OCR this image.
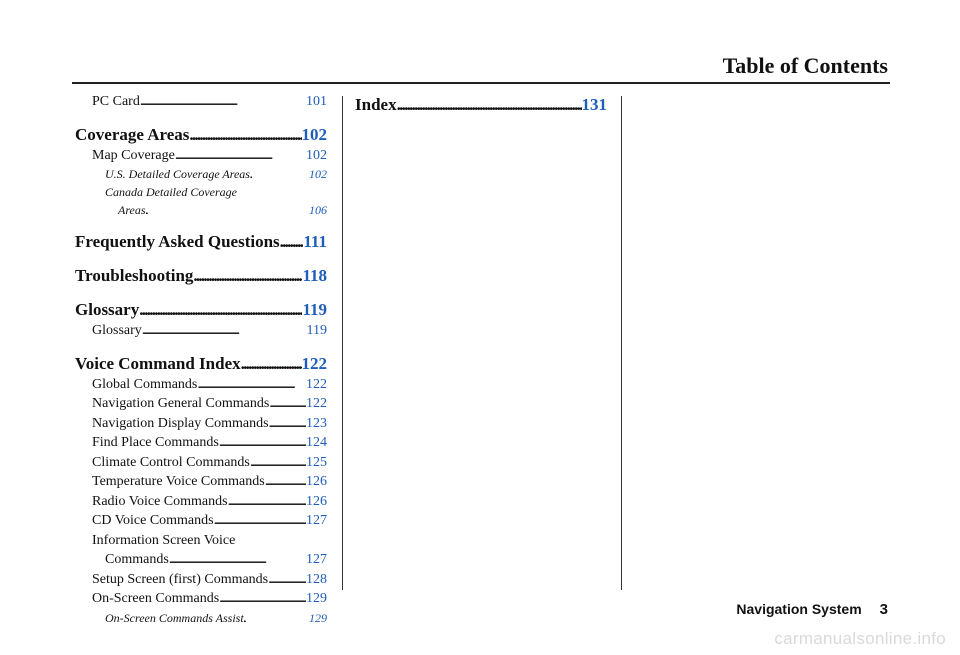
Table of Contents
PC Card . . .	101
Coverage Areas . . .	102
Map Coverage . . .	102
U.S. Detailed Coverage Areas . . .	102
Canada Detailed Coverage
Areas . . .	106
Frequently Asked Questions . . . 111
Troubleshooting . . .	118
Glossary . . .	119
Glossary . . .	119
Voice Command Index . . .	122
Global Commands . . .	122
Navigation General Commands . . .	122
Navigation Display Commands . . .	123
Find Place Commands . . .	124
Climate Control Commands . . .	125
Temperature Voice Commands . . .	126
Radio Voice Commands . . .	126
CD Voice Commands . . .	127
Information Screen Voice
Commands . . .	127
Setup Screen (first) Commands . . .	128
On-Screen Commands . . .	129
On-Screen Commands Assist . . .	129
Index . . .	131
Navigation System 3
carmanualsonline.info
